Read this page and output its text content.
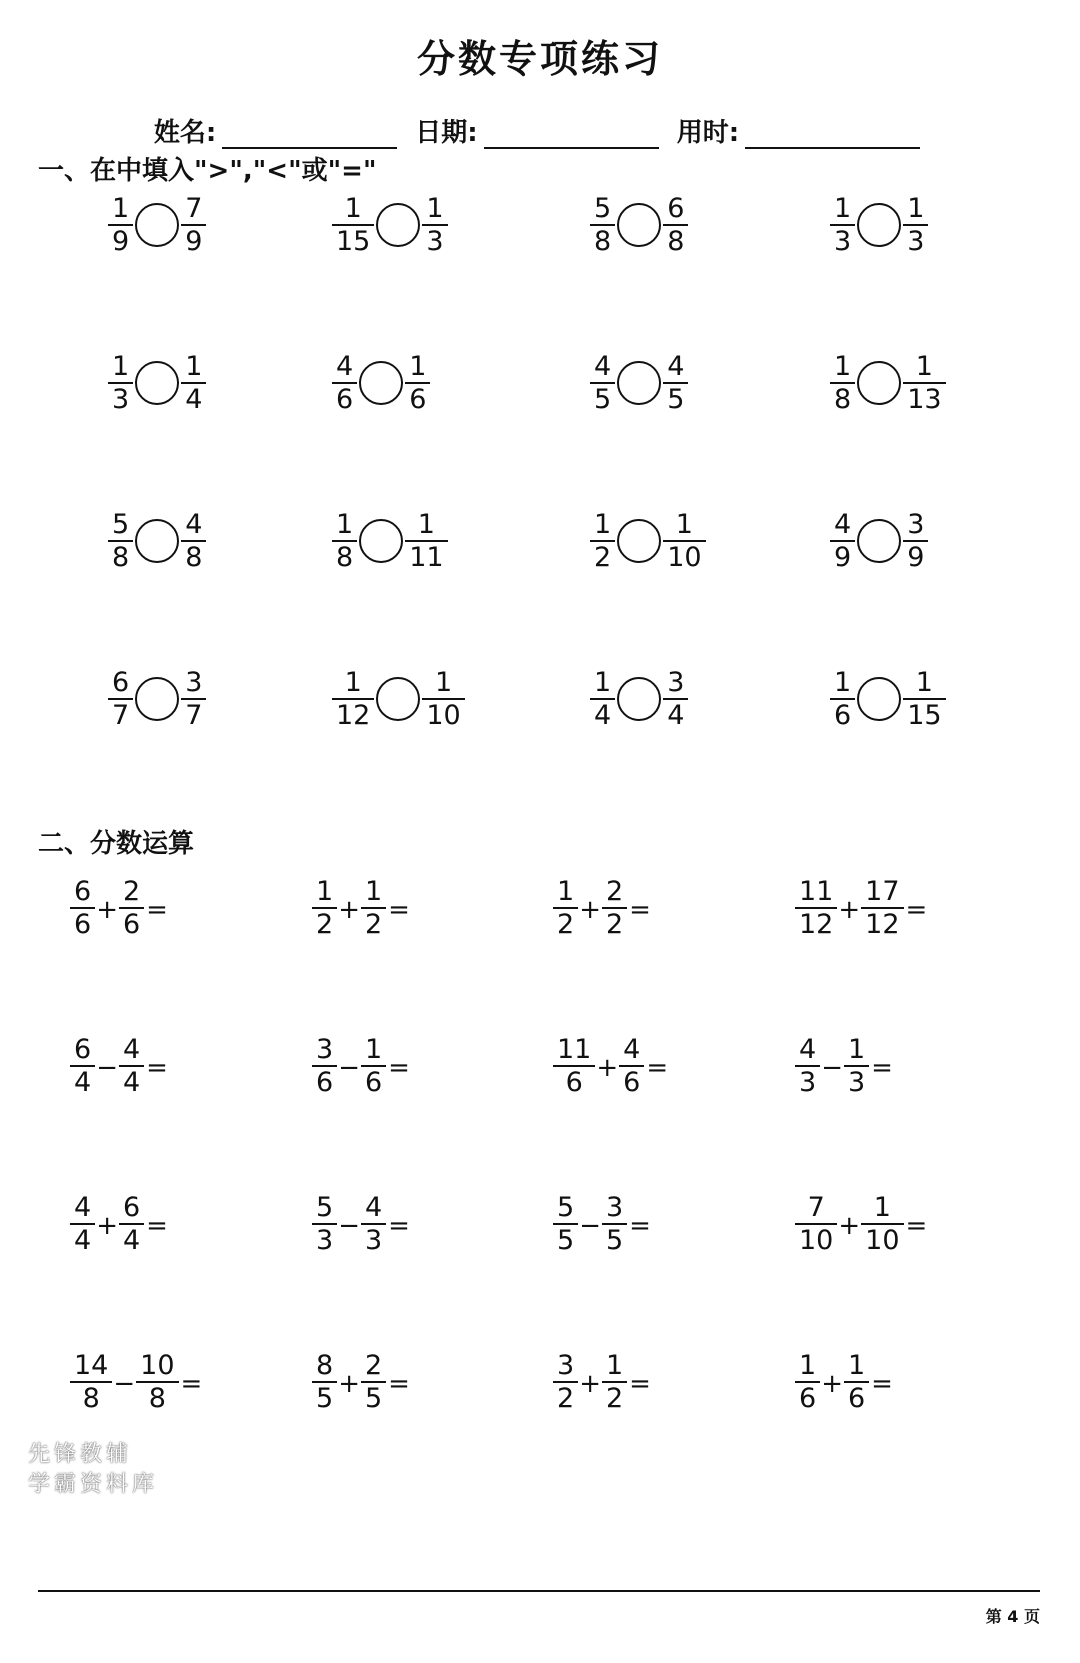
分数专项练习
姓名:	日期:	用时:
一、在中填入">","<"或"="
$\frac{1}{9} \frac{7}{9}$	$\frac{1}{15} \frac{1}{3}$	$\frac{5}{8} \frac{6}{8}$	$\frac{1}{3} \frac{1}{3}$
$\frac{1}{3} \frac{1}{4}$	$\frac{4}{6} \frac{1}{6}$	$\frac{4}{5} \frac{4}{5}$	$\frac{1}{8} \frac{1}{13}$
$\frac{5}{8} \frac{4}{8}$	$\frac{1}{8} \frac{1}{11}$	$\frac{1}{2} \frac{1}{10}$	$\frac{4}{9} \frac{3}{9}$
$\frac{6}{7} \frac{3}{7}$	$\frac{1}{12} \frac{1}{10}$	$\frac{1}{4} \frac{3}{4}$	$\frac{1}{6} \frac{1}{15}$
二、分数运算
$\frac{6}{6} + \frac{2}{6}$ =	$\frac{1}{2} + \frac{1}{2}$ =	$\frac{1}{2} + \frac{2}{2}$ =	$\frac{11}{12} + \frac{17}{12}$ =
$\frac{6}{4} - \frac{4}{4}$ =	$\frac{3}{6} - \frac{1}{6}$ =	$\frac{11}{6} + \frac{4}{6}$ =	$\frac{4}{3} - \frac{1}{3}$ =
$\frac{4}{4} + \frac{6}{4}$ =	$\frac{5}{3} - \frac{4}{3}$ =	$\frac{5}{5} - \frac{3}{5}$ =	$\frac{7}{10} + \frac{1}{10}$ =
$\frac{14}{8} - \frac{10}{8}$ =	$\frac{8}{5} + \frac{2}{5}$ =	$\frac{3}{2} + \frac{1}{2}$ =	$\frac{1}{6} + \frac{1}{6}$ =
先锋教辅
学霸资料库
第 4 页
